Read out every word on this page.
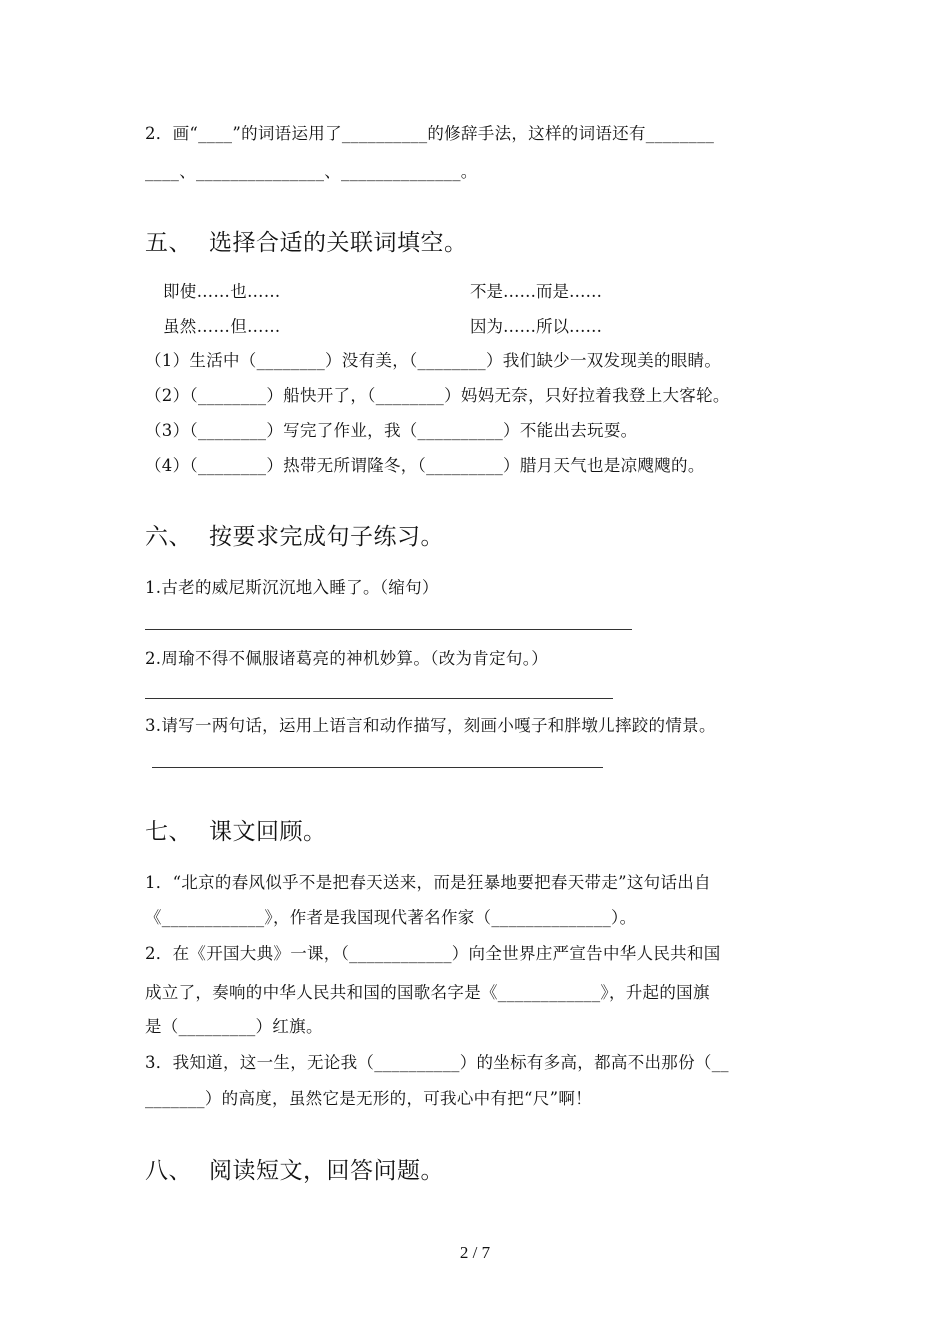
2．画“____”的词语运用了__________的修辞手法，这样的词语还有________
____、_______________、______________。
五、 选择合适的关联词填空。
即使……也……	不是……而是……
虽然……但……	因为……所以……
（1）生活中（________）没有美，（________）我们缺少一双发现美的眼睛。
（2）（________）船快开了，（________）妈妈无奈，只好拉着我登上大客轮。
（3）（________）写完了作业，我（__________）不能出去玩耍。
（4）（________）热带无所谓隆冬，（_________）腊月天气也是凉飕飕的。
六、 按要求完成句子练习。
1.古老的威尼斯沉沉地入睡了。（缩句）
2.周瑜不得不佩服诸葛亮的神机妙算。（改为肯定句。）
3.请写一两句话，运用上语言和动作描写，刻画小嘎子和胖墩儿摔跤的情景。
七、 课文回顾。
1．“北京的春风似乎不是把春天送来，而是狂暴地要把春天带走”这句话出自
《____________》，作者是我国现代著名作家（______________）。
2．在《开国大典》一课，（____________）向全世界庄严宣告中华人民共和国
成立了，奏响的中华人民共和国的国歌名字是《____________》，升起的国旗
是（_________）红旗。
3．我知道，这一生，无论我（__________）的坐标有多高，都高不出那份（__
_______）的高度，虽然它是无形的，可我心中有把“尺”啊！
八、 阅读短文，回答问题。
2 / 7
